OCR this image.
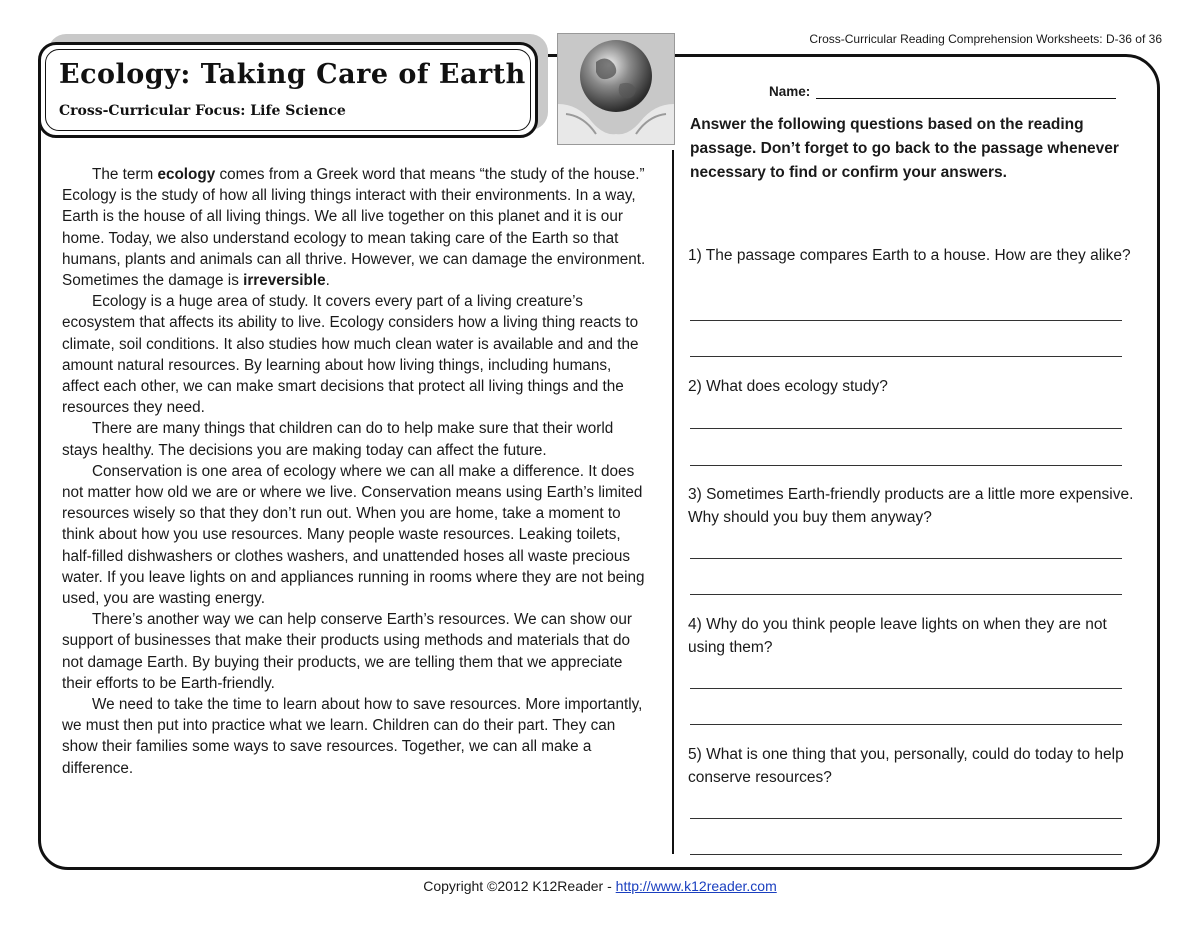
Cross-Curricular Reading Comprehension Worksheets: D-36 of 36
Ecology: Taking Care of Earth
Cross-Curricular Focus: Life Science

The term ecology comes from a Greek word that means “the study of the house.” Ecology is the study of how all living things interact with their environments. In a way, Earth is the house of all living things. We all live together on this planet and it is our home. Today, we also understand ecology to mean taking care of the Earth so that humans, plants and animals can all thrive. However, we can damage the environment. Sometimes the damage is irreversible.

Ecology is a huge area of study. It covers every part of a living creature’s ecosystem that affects its ability to live. Ecology considers how a living thing reacts to climate, soil conditions. It also studies how much clean water is available and and the amount natural resources. By learning about how living things, including humans, affect each other, we can make smart decisions that protect all living things and the resources they need.

There are many things that children can do to help make sure that their world stays healthy. The decisions you are making today can affect the future.

Conservation is one area of ecology where we can all make a difference. It does not matter how old we are or where we live. Conservation means using Earth’s limited resources wisely so that they don’t run out. When you are home, take a moment to think about how you use resources. Many people waste resources. Leaking toilets, half-filled dishwashers or clothes washers, and unattended hoses all waste precious water. If you leave lights on and appliances running in rooms where they are not being used, you are wasting energy.

There’s another way we can help conserve Earth’s resources. We can show our support of businesses that make their products using methods and materials that do not damage Earth. By buying their products, we are telling them that we appreciate their efforts to be Earth-friendly.

We need to take the time to learn about how to save resources. More importantly, we must then put into practice what we learn. Children can do their part. They can show their families some ways to save resources. Together, we can all make a difference.

Name:
Answer the following questions based on the reading passage. Don’t forget to go back to the passage whenever necessary to find or confirm your answers.
1) The passage compares Earth to a house. How are they alike?
2) What does ecology study?
3) Sometimes Earth-friendly products are a little more expensive. Why should you buy them anyway?
4) Why do you think people leave lights on when they are not using them?
5) What is one thing that you, personally, could do today to help conserve resources?
Copyright ©2012 K12Reader - http://www.k12reader.com
